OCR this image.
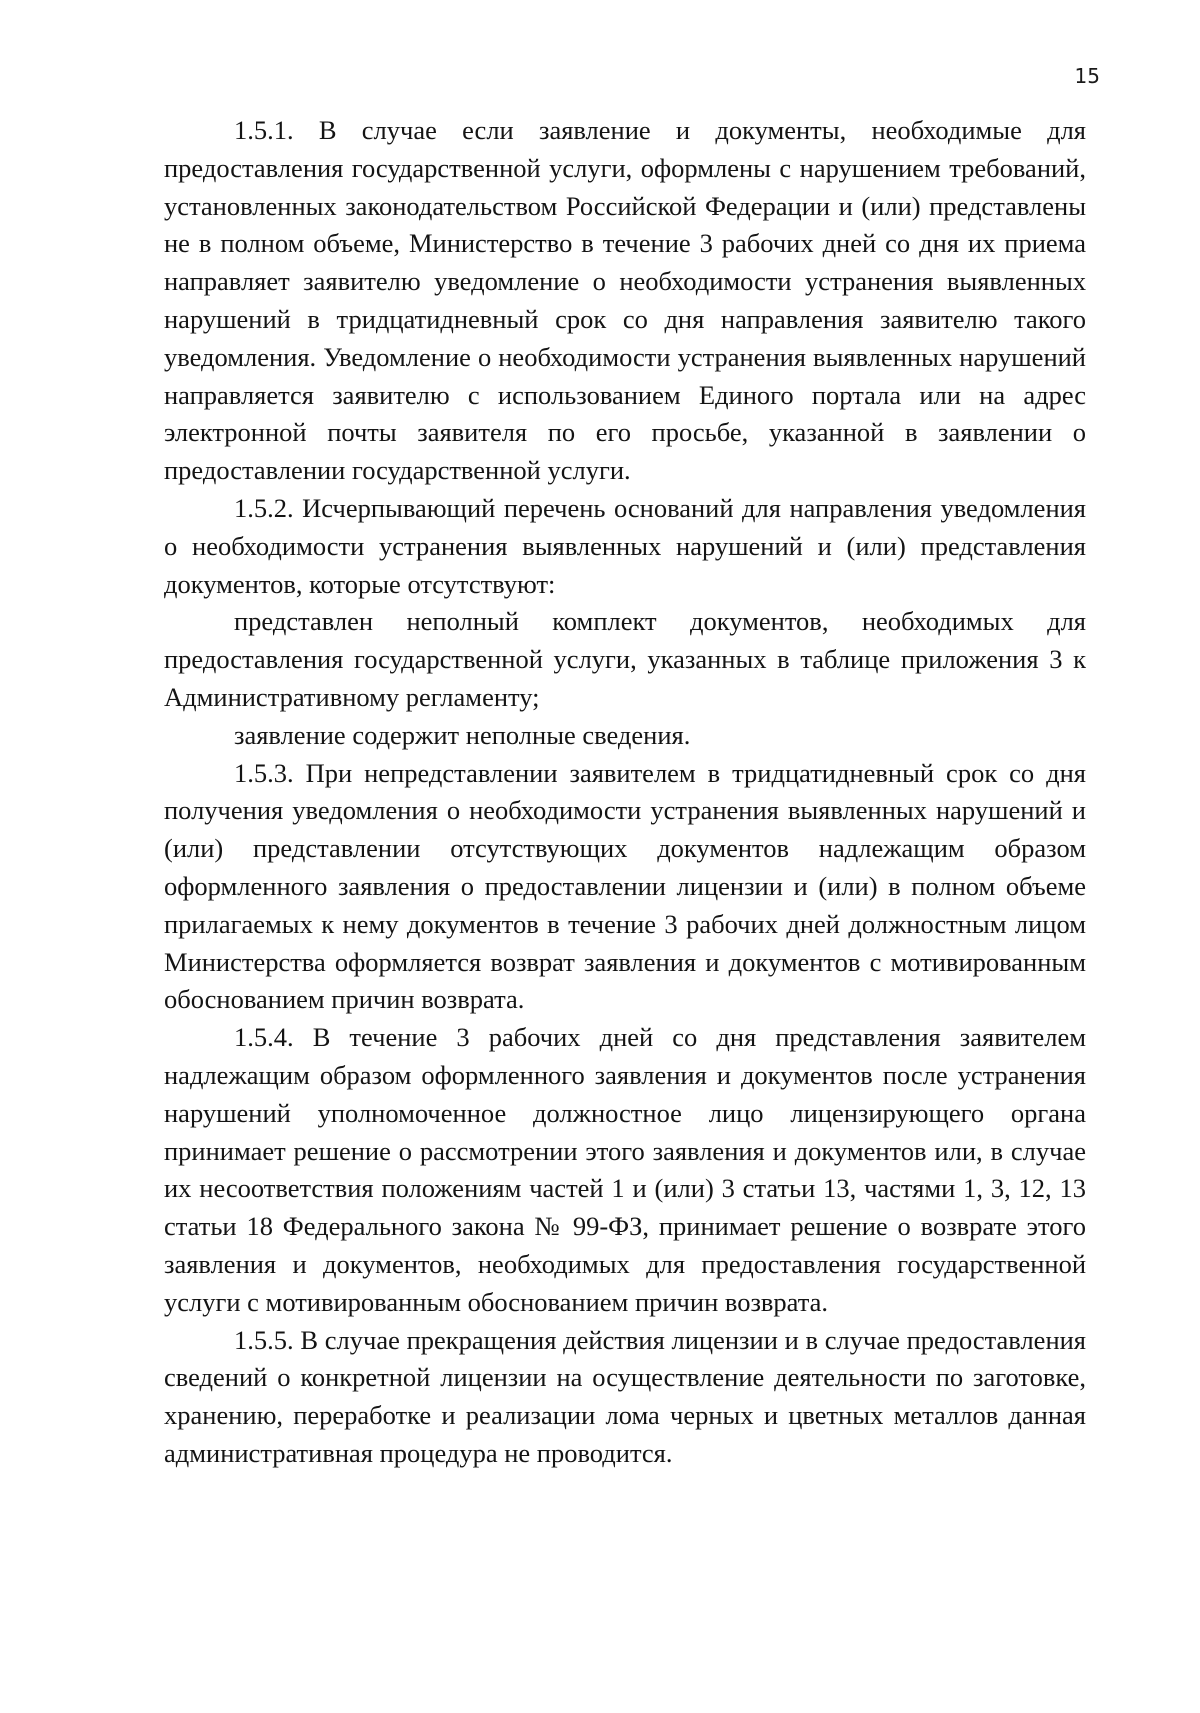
15

1.5.1. В случае если заявление и документы, необходимые для предоставления государственной услуги, оформлены с нарушением требований, установленных законодательством Российской Федерации и (или) представлены не в полном объеме, Министерство в течение 3 рабочих дней со дня их приема направляет заявителю уведомление о необходимости устранения выявленных нарушений в тридцатидневный срок со дня направления заявителю такого уведомления. Уведомление о необходимости устранения выявленных нарушений направляется заявителю с использованием Единого портала или на адрес электронной почты заявителя по его просьбе, указанной в заявлении о предоставлении государственной услуги.

1.5.2. Исчерпывающий перечень оснований для направления уведомления о необходимости устранения выявленных нарушений и (или) представления документов, которые отсутствуют:

представлен неполный комплект документов, необходимых для предоставления государственной услуги, указанных в таблице приложения 3 к Административному регламенту;

заявление содержит неполные сведения.

1.5.3. При непредставлении заявителем в тридцатидневный срок со дня получения уведомления о необходимости устранения выявленных нарушений и (или) представлении отсутствующих документов надлежащим образом оформленного заявления о предоставлении лицензии и (или) в полном объеме прилагаемых к нему документов в течение 3 рабочих дней должностным лицом Министерства оформляется возврат заявления и документов с мотивированным обоснованием причин возврата.

1.5.4. В течение 3 рабочих дней со дня представления заявителем надлежащим образом оформленного заявления и документов после устранения нарушений уполномоченное должностное лицо лицензирующего органа принимает решение о рассмотрении этого заявления и документов или, в случае их несоответствия положениям частей 1 и (или) 3 статьи 13, частями 1, 3, 12, 13 статьи 18 Федерального закона № 99-ФЗ, принимает решение о возврате этого заявления и документов, необходимых для предоставления государственной услуги с мотивированным обоснованием причин возврата.

1.5.5. В случае прекращения действия лицензии и в случае предоставления сведений о конкретной лицензии на осуществление деятельности по заготовке, хранению, переработке и реализации лома черных и цветных металлов данная административная процедура не проводится.
